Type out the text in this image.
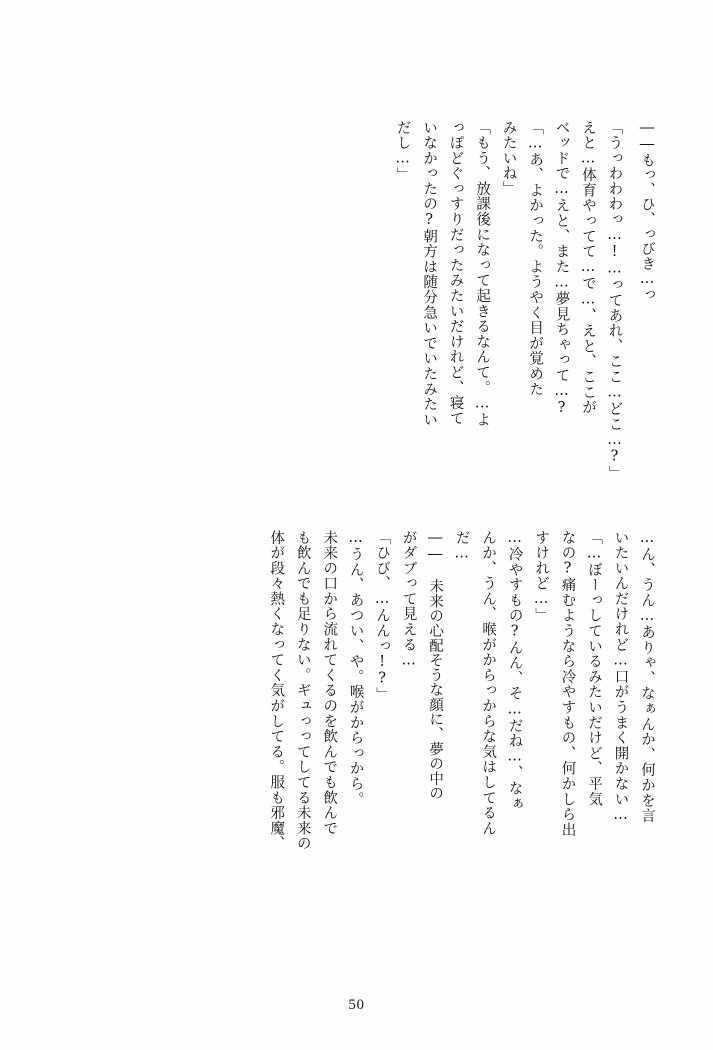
――もっ、ひ、っびき…っ
「うっわわわっ…!…ってあれ、ここ…どこ…?」
えと…体育やってて…で…、えと、ここが
ベッドで…えと、また…夢見ちゃって…?
「…あ、よかった。ようやく目が覚めた
みたいね」
「もう、放課後になって起きるなんて。…よ
っぽどぐっすりだったみたいだけれど、寝て
いなかったの?朝方は随分急いでいたみたい
だし…」
…ん、うん…ありゃ、なぁんか、何かを言
いたいんだけれど…口がうまく開かない…
「…ぼーっしているみたいだけど、平気
なの?痛むようなら冷やすもの、何かしら出
すけれど…」
…冷やすもの?んん、そ…だね…、なぁ
んか、うん、喉がからっからな気はしてるん
だ…
―― 未来の心配そうな顔に、夢の中の
がダブって見える…
「ひび、…んんっ!?」
…うん、あつい、や。喉がからっから。
未来の口から流れてくるのを飲んでも飲んで
も飲んでも足りない。ギュっってしてる未来の
体が段々熱くなってく気がしてる。服も邪魔、
50
